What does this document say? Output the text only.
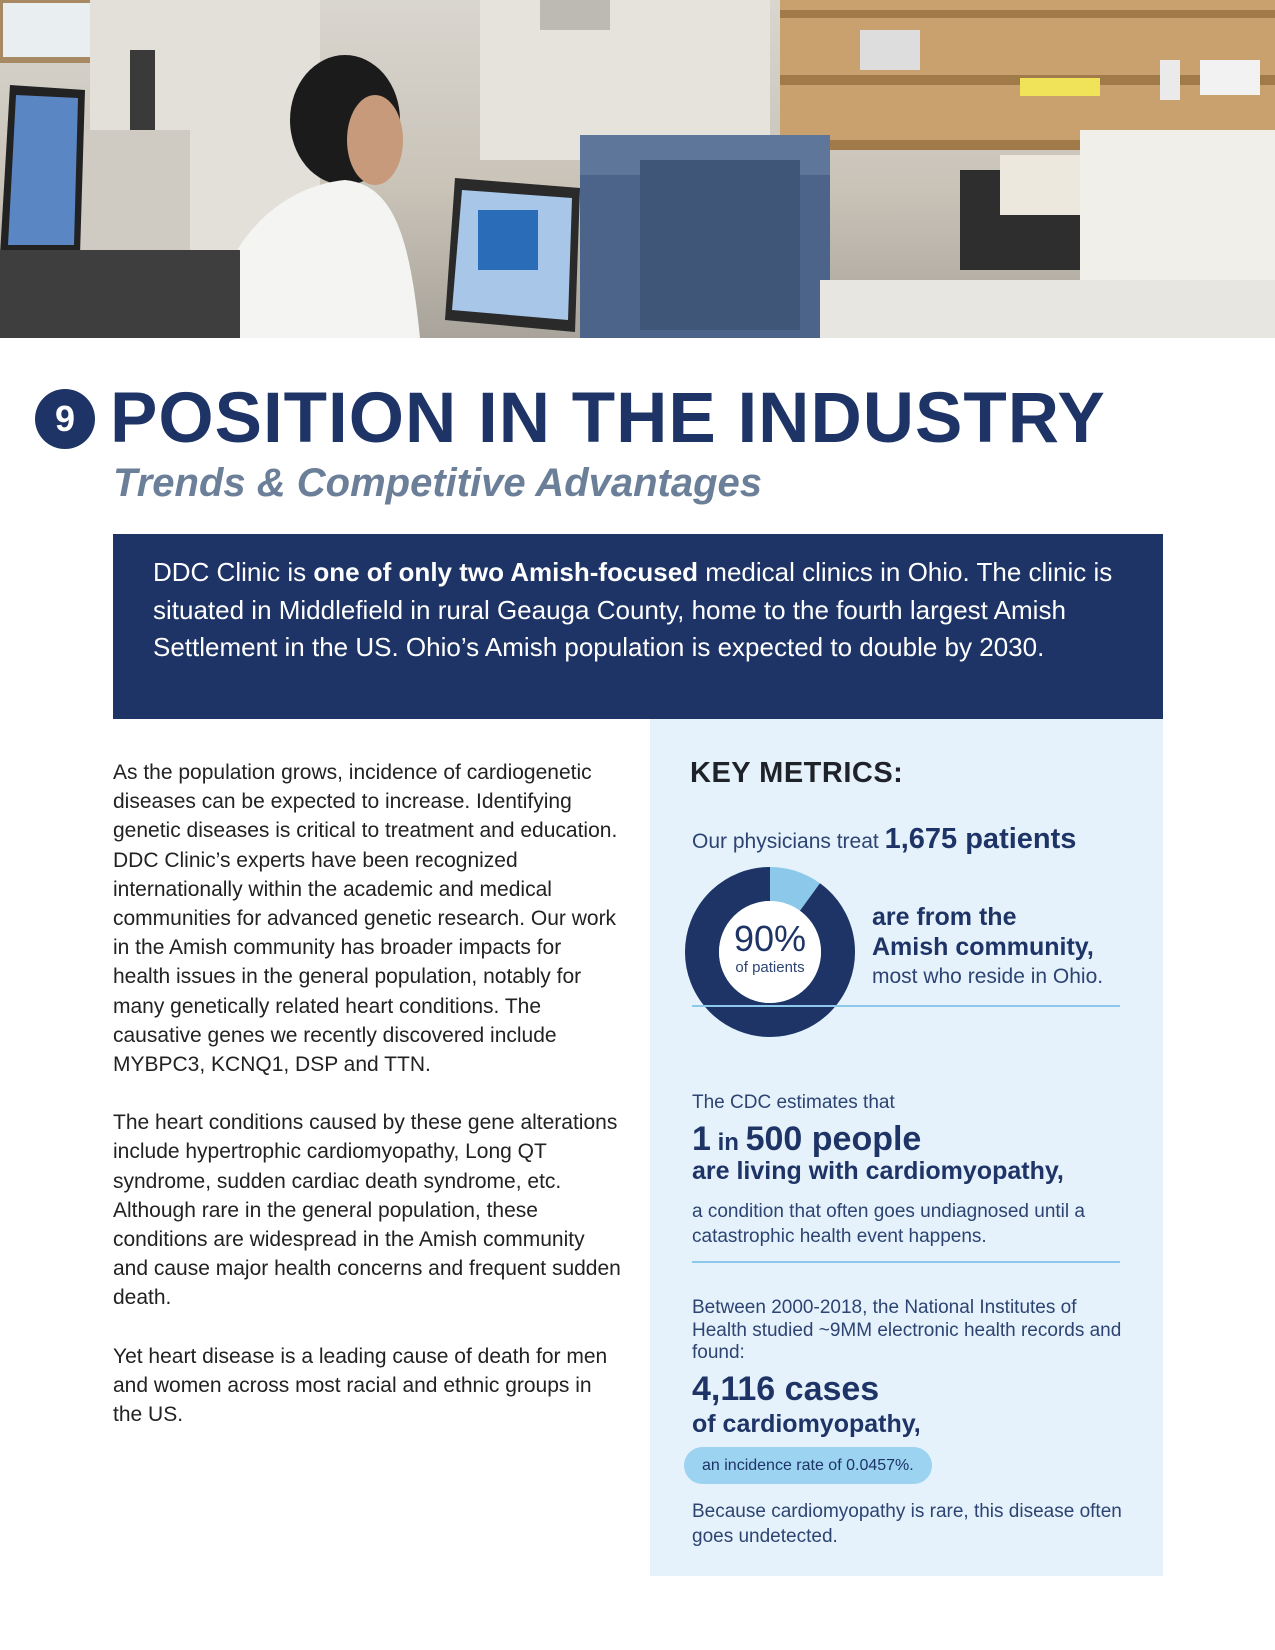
9 POSITION IN THE INDUSTRY
Trends & Competitive Advantages
DDC Clinic is one of only two Amish-focused medical clinics in Ohio. The clinic is situated in Middlefield in rural Geauga County, home to the fourth largest Amish Settlement in the US. Ohio’s Amish population is expected to double by 2030.

As the population grows, incidence of cardiogenetic diseases can be expected to increase. Identifying genetic diseases is critical to treatment and education. DDC Clinic’s experts have been recognized internationally within the academic and medical communities for advanced genetic research. Our work in the Amish community has broader impacts for health issues in the general population, notably for many genetically related heart conditions. The causative genes we recently discovered include MYBPC3, KCNQ1, DSP and TTN.

The heart conditions caused by these gene alterations include hypertrophic cardiomyopathy, Long QT syndrome, sudden cardiac death syndrome, etc. Although rare in the general population, these conditions are widespread in the Amish community and cause major health concerns and frequent sudden death.

Yet heart disease is a leading cause of death for men and women across most racial and ethnic groups in the US.

KEY METRICS:
Our physicians treat 1,675 patients
90%
of patients
are from the
Amish community,
most who reside in Ohio.
The CDC estimates that
1 in 500 people
are living with cardiomyopathy,
a condition that often goes undiagnosed until a catastrophic health event happens.
Between 2000-2018, the National Institutes of Health studied ~9MM electronic health records and found:
4,116 cases
of cardiomyopathy,
an incidence rate of 0.0457%.
Because cardiomyopathy is rare, this disease often goes undetected.
